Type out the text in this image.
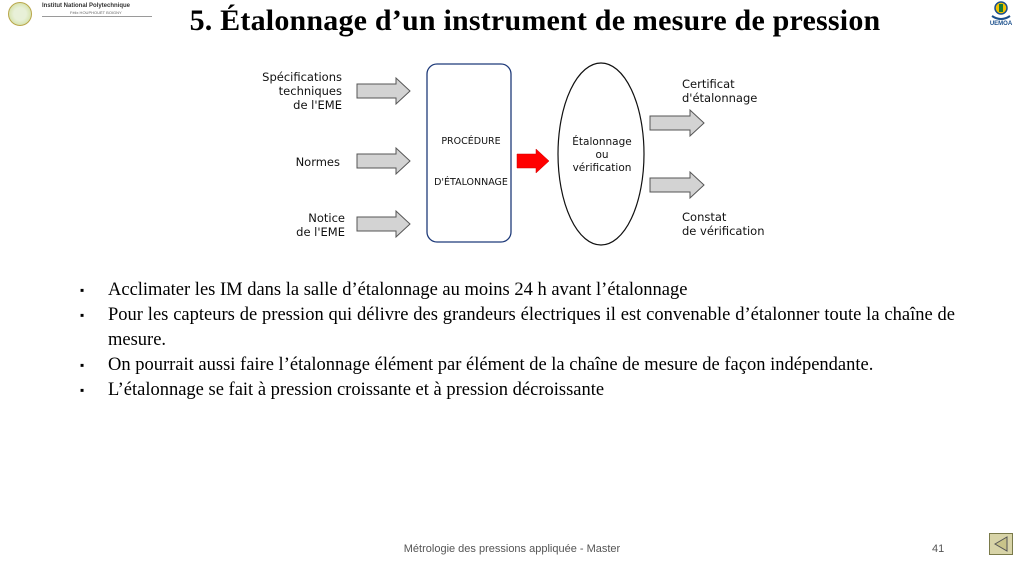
Institut National Polytechnique
Félix HOUPHOUËT BOIGNY	5. Étalonnage d’un instrument de mesure de pression	UEMOA
Spécifications
techniques
de l'EME
Normes
Notice
de l'EME
PROCÉDURE
D'ÉTALONNAGE
Étalonnage
ou
vérification
Certificat
d'étalonnage
Constat
de vérification
▪ Acclimater les IM dans la salle d’étalonnage au moins 24 h avant l’étalonnage
▪ Pour les capteurs de pression qui délivre des grandeurs électriques il est convenable d’étalonner toute la chaîne de mesure.
▪ On pourrait aussi faire l’étalonnage élément par élément de la chaîne de mesure de façon indépendante.
▪ L’étalonnage se fait à pression croissante et à pression décroissante
Métrologie des pressions appliquée - Master	41
